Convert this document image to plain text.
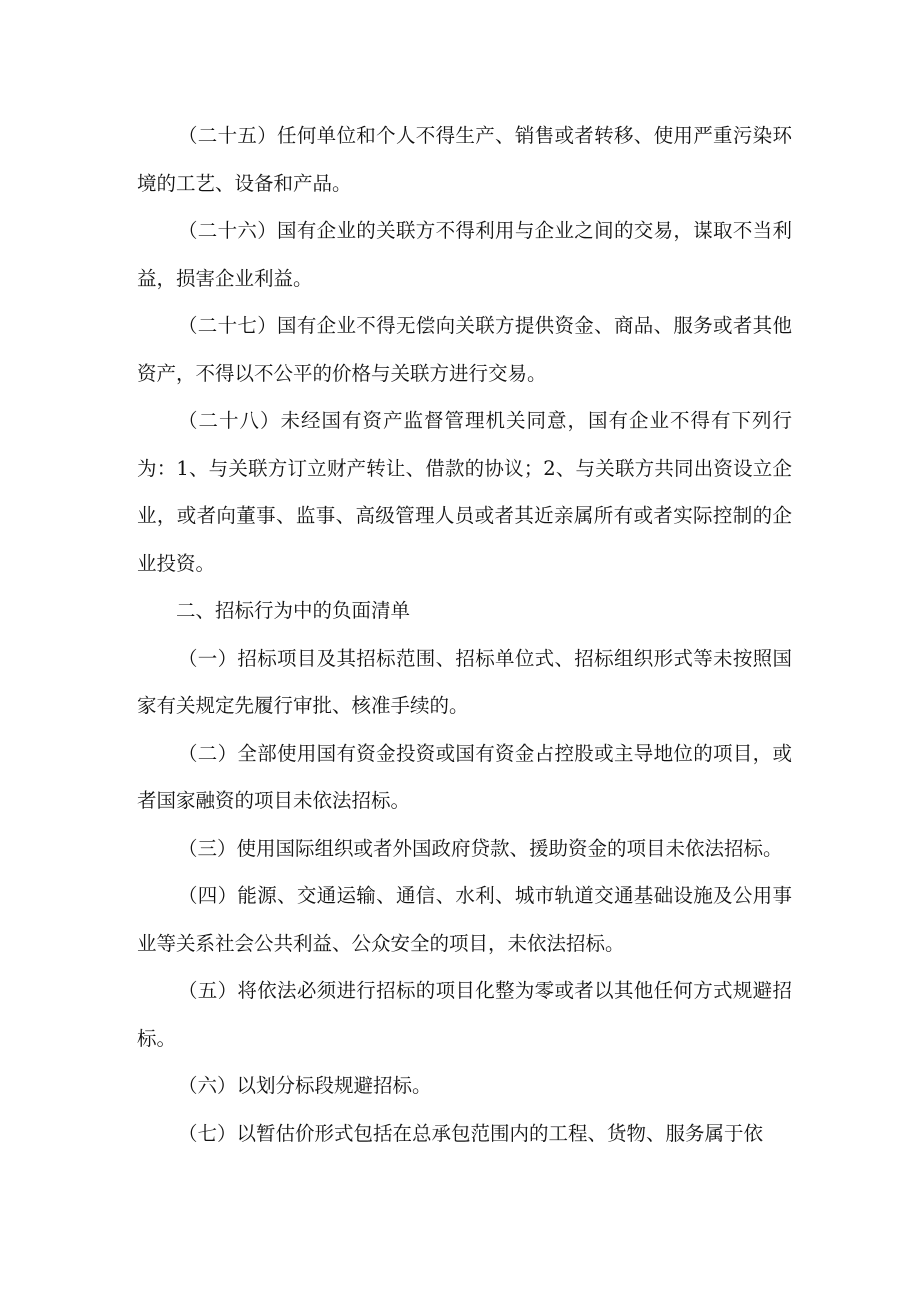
（二十五）任何单位和个人不得生产、销售或者转移、使用严重污染环境的工艺、设备和产品。

（二十六）国有企业的关联方不得利用与企业之间的交易，谋取不当利益，损害企业利益。

（二十七）国有企业不得无偿向关联方提供资金、商品、服务或者其他资产，不得以不公平的价格与关联方进行交易。

（二十八）未经国有资产监督管理机关同意，国有企业不得有下列行为：1、与关联方订立财产转让、借款的协议；2、与关联方共同出资设立企业，或者向董事、监事、高级管理人员或者其近亲属所有或者实际控制的企业投资。

二、招标行为中的负面清单

（一）招标项目及其招标范围、招标单位式、招标组织形式等未按照国家有关规定先履行审批、核准手续的。

（二）全部使用国有资金投资或国有资金占控股或主导地位的项目，或者国家融资的项目未依法招标。

（三）使用国际组织或者外国政府贷款、援助资金的项目未依法招标。

（四）能源、交通运输、通信、水利、城市轨道交通基础设施及公用事业等关系社会公共利益、公众安全的项目，未依法招标。

（五）将依法必须进行招标的项目化整为零或者以其他任何方式规避招标。

（六）以划分标段规避招标。

（七）以暂估价形式包括在总承包范围内的工程、货物、服务属于依
